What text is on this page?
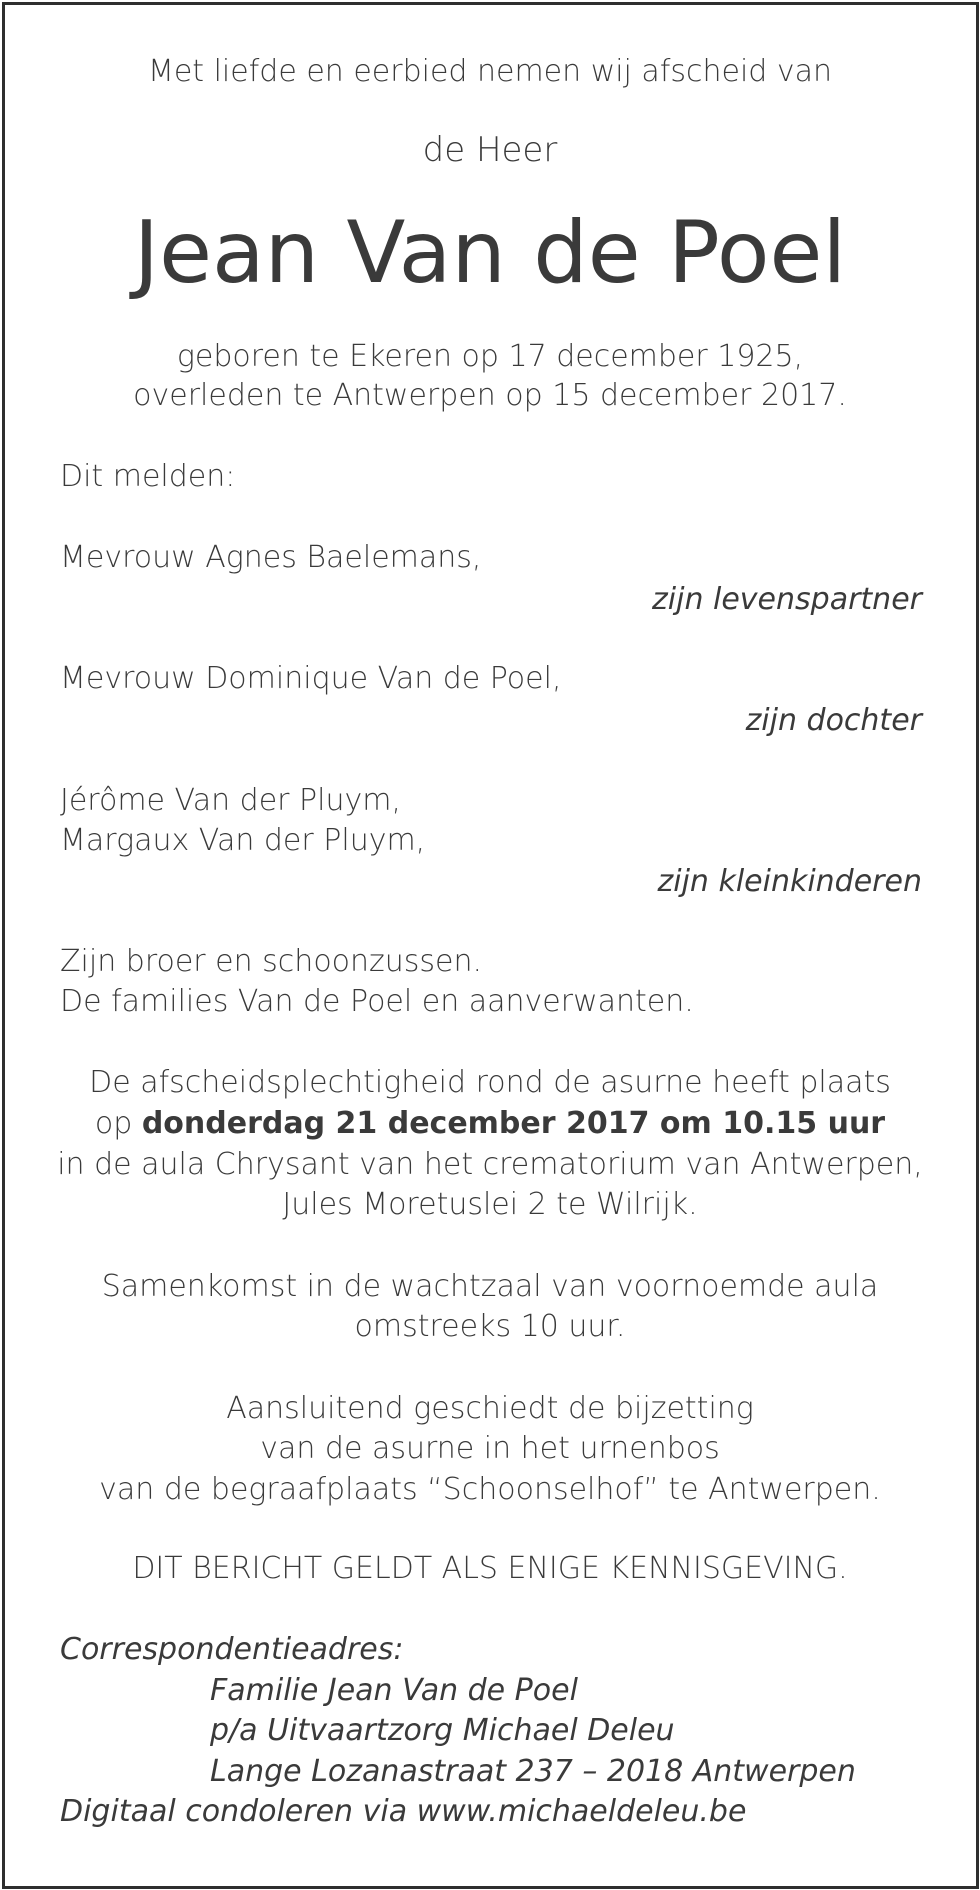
Met liefde en eerbied nemen wij afscheid van
de Heer
Jean Van de Poel
geboren te Ekeren op 17 december 1925,
overleden te Antwerpen op 15 december 2017.
Dit melden:
Mevrouw Agnes Baelemans,
zijn levenspartner
Mevrouw Dominique Van de Poel,
zijn dochter
Jérôme Van der Pluym,
Margaux Van der Pluym,
zijn kleinkinderen
Zijn broer en schoonzussen.
De families Van de Poel en aanverwanten.
De afscheidsplechtigheid rond de asurne heeft plaats
op donderdag 21 december 2017 om 10.15 uur
in de aula Chrysant van het crematorium van Antwerpen,
Jules Moretuslei 2 te Wilrijk.
Samenkomst in de wachtzaal van voornoemde aula
omstreeks 10 uur.
Aansluitend geschiedt de bijzetting
van de asurne in het urnenbos
van de begraafplaats “Schoonselhof” te Antwerpen.
DIT BERICHT GELDT ALS ENIGE KENNISGEVING.
Correspondentieadres:
Familie Jean Van de Poel
p/a Uitvaartzorg Michael Deleu
Lange Lozanastraat 237 – 2018 Antwerpen
Digitaal condoleren via www.michaeldeleu.be
